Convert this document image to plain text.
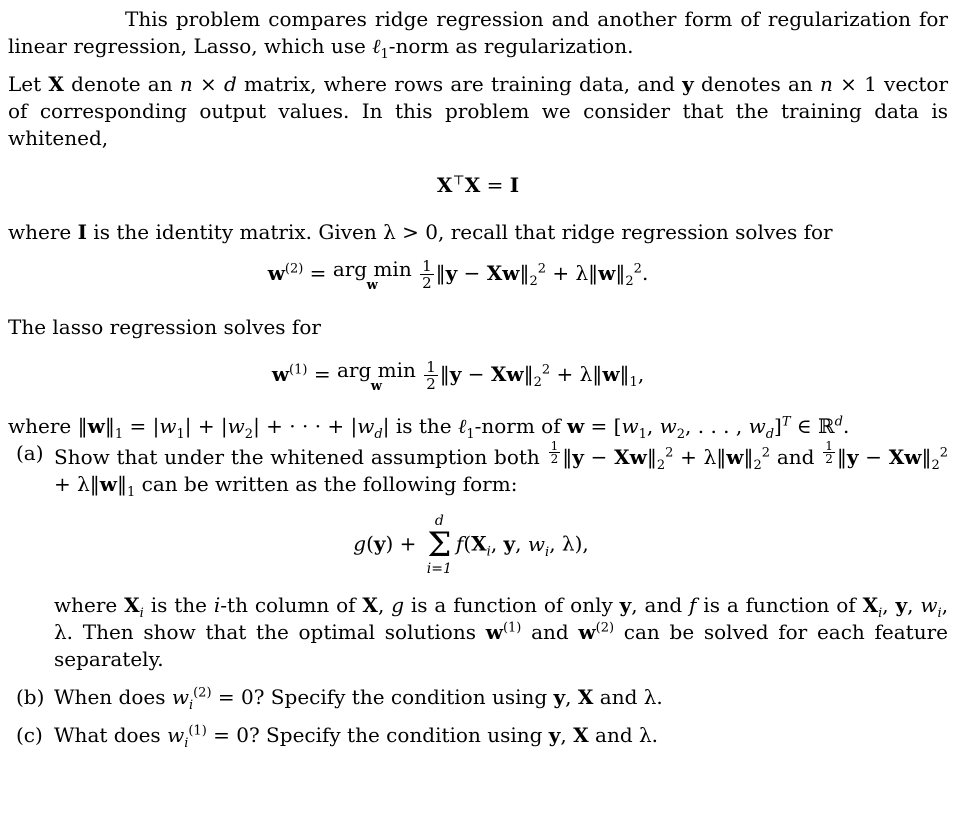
This problem compares ridge regression and another form of regularization for linear regression, Lasso, which use ℓ$_1$-norm as regularization.

Let X denote an n × d matrix, where rows are training data, and y denotes an n × 1 vector of corresponding output values. In this problem we consider that the training data is whitened,

X⊤X = I

where I is the identity matrix. Given λ > 0, recall that ridge regression solves for

$w^{(2)}$ = arg min
w
	$\frac{1}{2}$ ‖y − $Xw‖_2^2$ + $\lambda‖w‖_2^2$.

The lasso regression solves for

$w^{(1)}$ = arg min
w
	$\frac{1}{2}$ ‖y − $Xw‖_2^2$ + $\lambda‖w‖_1$,

where $‖w‖_1 = |w_1| + |w_2|$ + · · · + $|w_d|$ is the ℓ$_1$-norm of $w = [w_1$, $w_2$, . . . , $w_d]^T$ ∈ ℝ$^d$.

(a) Show that under the whitened assumption both $\frac{1}{2}$ ‖y − $Xw‖_2^2$ + $\lambda‖w‖_2^2$ and $\frac{1}{2}$ ‖y − $Xw‖_2^2$ + $\lambda‖w‖_1$ can be written as the following form:

g(y) +
d
Σ
i=1
$f(X_i$, y, $w_i$, λ),

where $X_i$ is the i-th column of X, g is a function of only y, and f is a function of $X_i$, y, $w_i$, λ. Then show that the optimal solutions $w^{(1)}$ and $w^{(2)}$ can be solved for each feature separately.

(b) When does $w_i^{(2)} = 0$? Specify the condition using y, X and λ.

(c) What does $w_i^{(1)} = 0$? Specify the condition using y, X and λ.
